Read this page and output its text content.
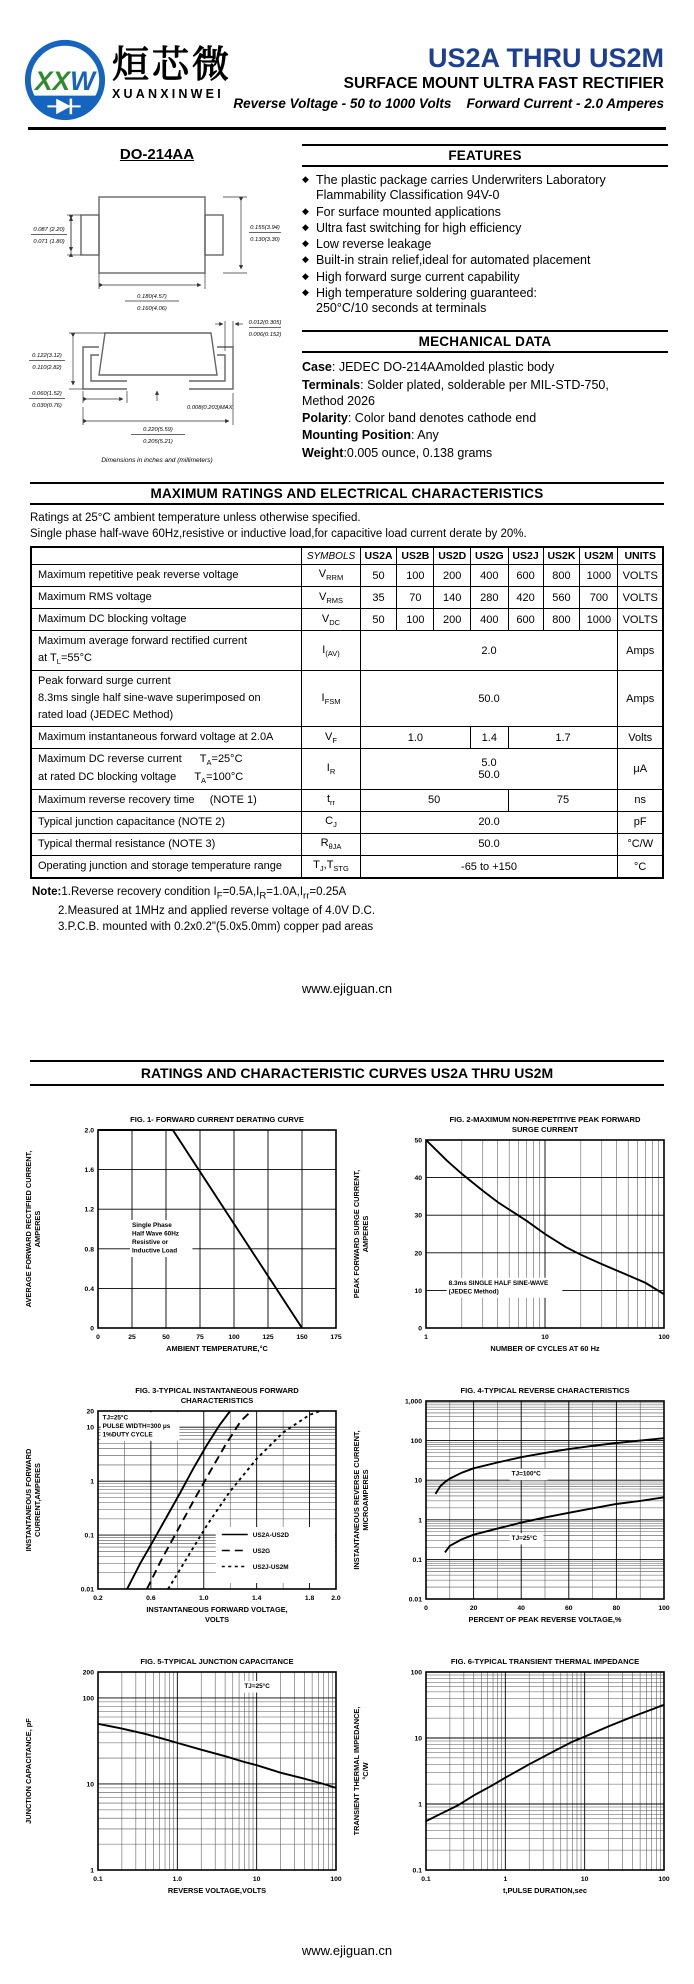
XXW 烜芯微
XUANXINWEI
US2A THRU US2M
SURFACE MOUNT ULTRA FAST RECTIFIER
Reverse Voltage - 50 to 1000 Volts    Forward Current - 2.0 Amperes
DO-214AA
0.087 (2.20)
0.071 (1.80)
0.155(3.94)
0.130(3.30)
0.180(4.57)
0.160(4.06)
0.122(3.12)
0.110(2.82)
0.060(1.52)
0.030(0.76)
0.012(0.305)
0.006(0.152)
0.008(0.203)MAX.
0.220(5.59)
0.205(5.21)
Dimensions in inches and (millimeters)
FEATURES
◆ The plastic package carries Underwriters Laboratory
Flammability Classification 94V-0
◆ For surface mounted applications
◆ Ultra fast switching for high efficiency
◆ Low reverse leakage
◆ Built-in strain relief,ideal for automated placement
◆ High forward surge current capability
◆ High temperature soldering guaranteed:
250°C/10 seconds at terminals
MECHANICAL DATA

Case: JEDEC DO-214AAmolded plastic body

Terminals: Solder plated, solderable per MIL-STD-750,
Method 2026

Polarity: Color band denotes cathode end

Mounting Position: Any

Weight:0.005 ounce, 0.138 grams

MAXIMUM RATINGS AND ELECTRICAL CHARACTERISTICS
Ratings at 25°C ambient temperature unless otherwise specified.
Single phase half-wave 60Hz,resistive or inductive load,for capacitive load current derate by 20%.
	SYMBOLS	US2A	US2B	US2D	US2G	US2J	US2K	US2M	UNITS
Maximum repetitive peak reverse voltage	$V_{RRM}$	50	100	200	400	600	800	1000	VOLTS
Maximum RMS voltage	$V_{RMS}$	35	70	140	280	420	560	700	VOLTS
Maximum DC blocking voltage	$V_{DC}$	50	100	200	400	600	800	1000	VOLTS
Maximum average forward rectified current
at $T_L=55^\circ C$	$I_{(AV)}$	2.0							Amps
Peak forward surge current
8.3ms single half sine-wave superimposed on
rated load (JEDEC Method)	$I_{FSM}$	50.0							Amps
Maximum instantaneous forward voltage at 2.0A	$V_F$	1.0			1.4	1.7			Volts
Maximum DC reverse current      $T_A=25^\circ C$
at rated DC blocking voltage      $T_A=100^\circ C$	$I_R$	5.0
50.0							μA
Maximum reverse recovery time     (NOTE 1)	$t_{rr}$	50				75			ns
Typical junction capacitance (NOTE 2)	$C_J$	20.0							pF
Typical thermal resistance (NOTE 3)	$R_{\theta JA}$	50.0							°C/W
Operating junction and storage temperature range	$T_J,T_{STG}$	-65 to +150							°C
Note:1.Reverse recovery condition $I_F=0.5A,I_R=1.0A,I_{rr}=0.25A$
2.Measured at 1MHz and applied reverse voltage of 4.0V D.C.
3.P.C.B. mounted with 0.2x0.2"(5.0x5.0mm) copper pad areas
www.ejiguan.cn
RATINGS AND CHARACTERISTIC CURVES US2A THRU US2M
FIG. 1- FORWARD CURRENT DERATING CURVE
0	25	50	75	100	125	150	175
0
0.4
0.8
1.2
1.6
2.0
AMBIENT TEMPERATURE,°C
AVERAGE FORWARD RECTIFIED CURRENT, AMPERES	Single Phase
Half Wave 60Hz
Resistive or
Inductive Load
FIG. 2-MAXIMUM NON-REPETITIVE PEAK FORWARD
SURGE CURRENT
1	10	100
0
10
20
30
40
50
NUMBER OF CYCLES AT 60 Hz
PEAK FORWARD SURGE CURRENT, AMPERES
8.3ms SINGLE HALF SINE-WAVE
(JEDEC Method)
FIG. 3-TYPICAL INSTANTANEOUS FORWARD
CHARACTERISTICS
0.2	0.6	1.0	1.4	1.8 2.0
0.01
0.1
1
10
20
INSTANTANEOUS FORWARD VOLTAGE,
VOLTS
INSTANTANEOUS FORWARD CURRENT,AMPERES	US2A-US2D
US2G
US2J-US2M
TJ=25°C
PULSE WIDTH=300 μs
1%DUTY CYCLE
FIG. 4-TYPICAL REVERSE CHARACTERISTICS
0	20	40	60	80	100
0.01
0.1
1
10
100
1,000
PERCENT OF PEAK REVERSE VOLTAGE,%
INSTANTANEOUS REVERSE CURRENT, MICROAMPERES	TJ=100°C
TJ=25°C
FIG. 5-TYPICAL JUNCTION CAPACITANCE
0.1	1.0	10	100
1
10
100
200
REVERSE VOLTAGE,VOLTS
JUNCTION CAPACITANCE, pF
TJ=25°C
FIG. 6-TYPICAL TRANSIENT THERMAL IMPEDANCE
0.1	1	10	100
0.1
1
10
100
t,PULSE DURATION,sec
TRANSIENT THERMAL IMPEDANCE, °C/W
www.ejiguan.cn
